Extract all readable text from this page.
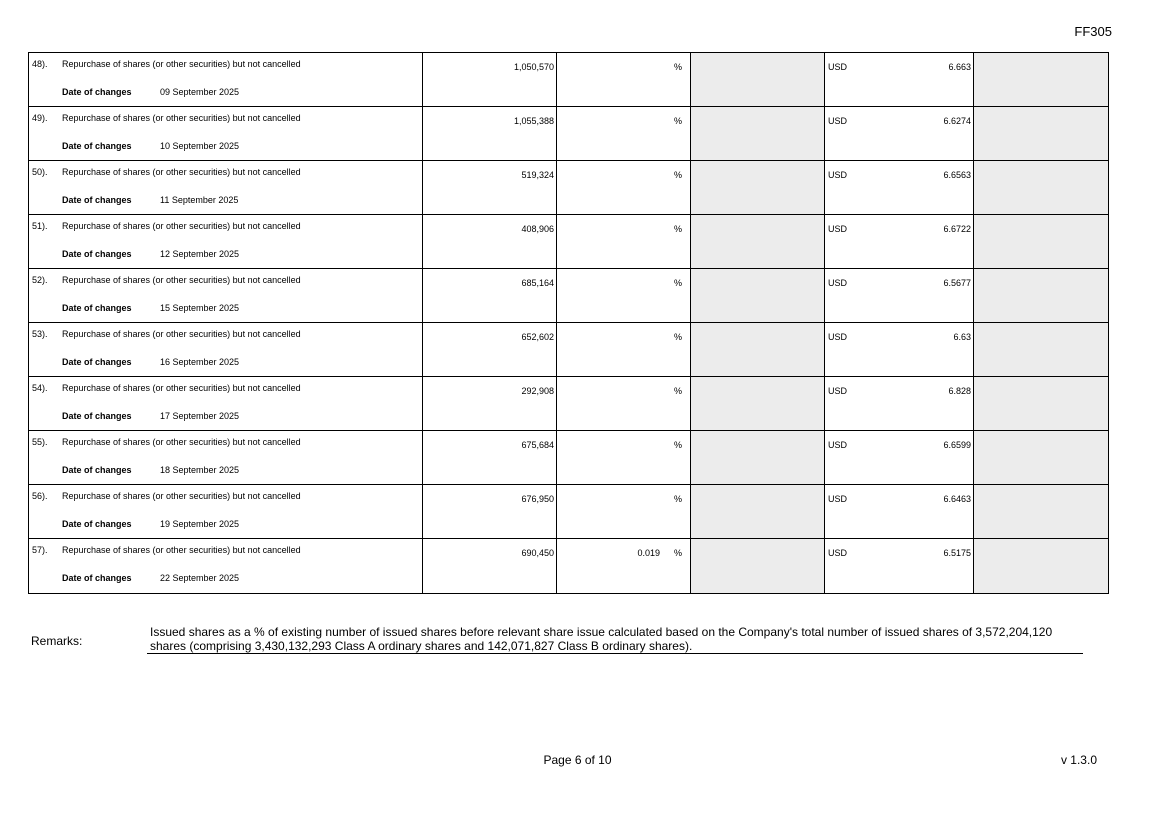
FF305
48). Repurchase of shares (or other securities) but not cancelled
Date of changes	09 September 2025
1,050,570	%	USD	6.663
49). Repurchase of shares (or other securities) but not cancelled
Date of changes	10 September 2025
1,055,388	%	USD	6.6274
50). Repurchase of shares (or other securities) but not cancelled
Date of changes	11 September 2025
519,324	%	USD	6.6563
51). Repurchase of shares (or other securities) but not cancelled
Date of changes	12 September 2025
408,906	%	USD	6.6722
52). Repurchase of shares (or other securities) but not cancelled
Date of changes	15 September 2025
685,164	%	USD	6.5677
53). Repurchase of shares (or other securities) but not cancelled
Date of changes	16 September 2025
652,602	%	USD	6.63
54). Repurchase of shares (or other securities) but not cancelled
Date of changes	17 September 2025
292,908	%	USD	6.828
55). Repurchase of shares (or other securities) but not cancelled
Date of changes	18 September 2025
675,684	%	USD	6.6599
56). Repurchase of shares (or other securities) but not cancelled
Date of changes	19 September 2025
676,950	%	USD	6.6463
57). Repurchase of shares (or other securities) but not cancelled
Date of changes	22 September 2025
690,450	0.019 %	USD	6.5175
Remarks:
Issued shares as a % of existing number of issued shares before relevant share issue calculated based on the Company's total number of issued shares of 3,572,204,120 shares (comprising 3,430,132,293 Class A ordinary shares and 142,071,827 Class B ordinary shares).
Page 6 of 10	v 1.3.0
